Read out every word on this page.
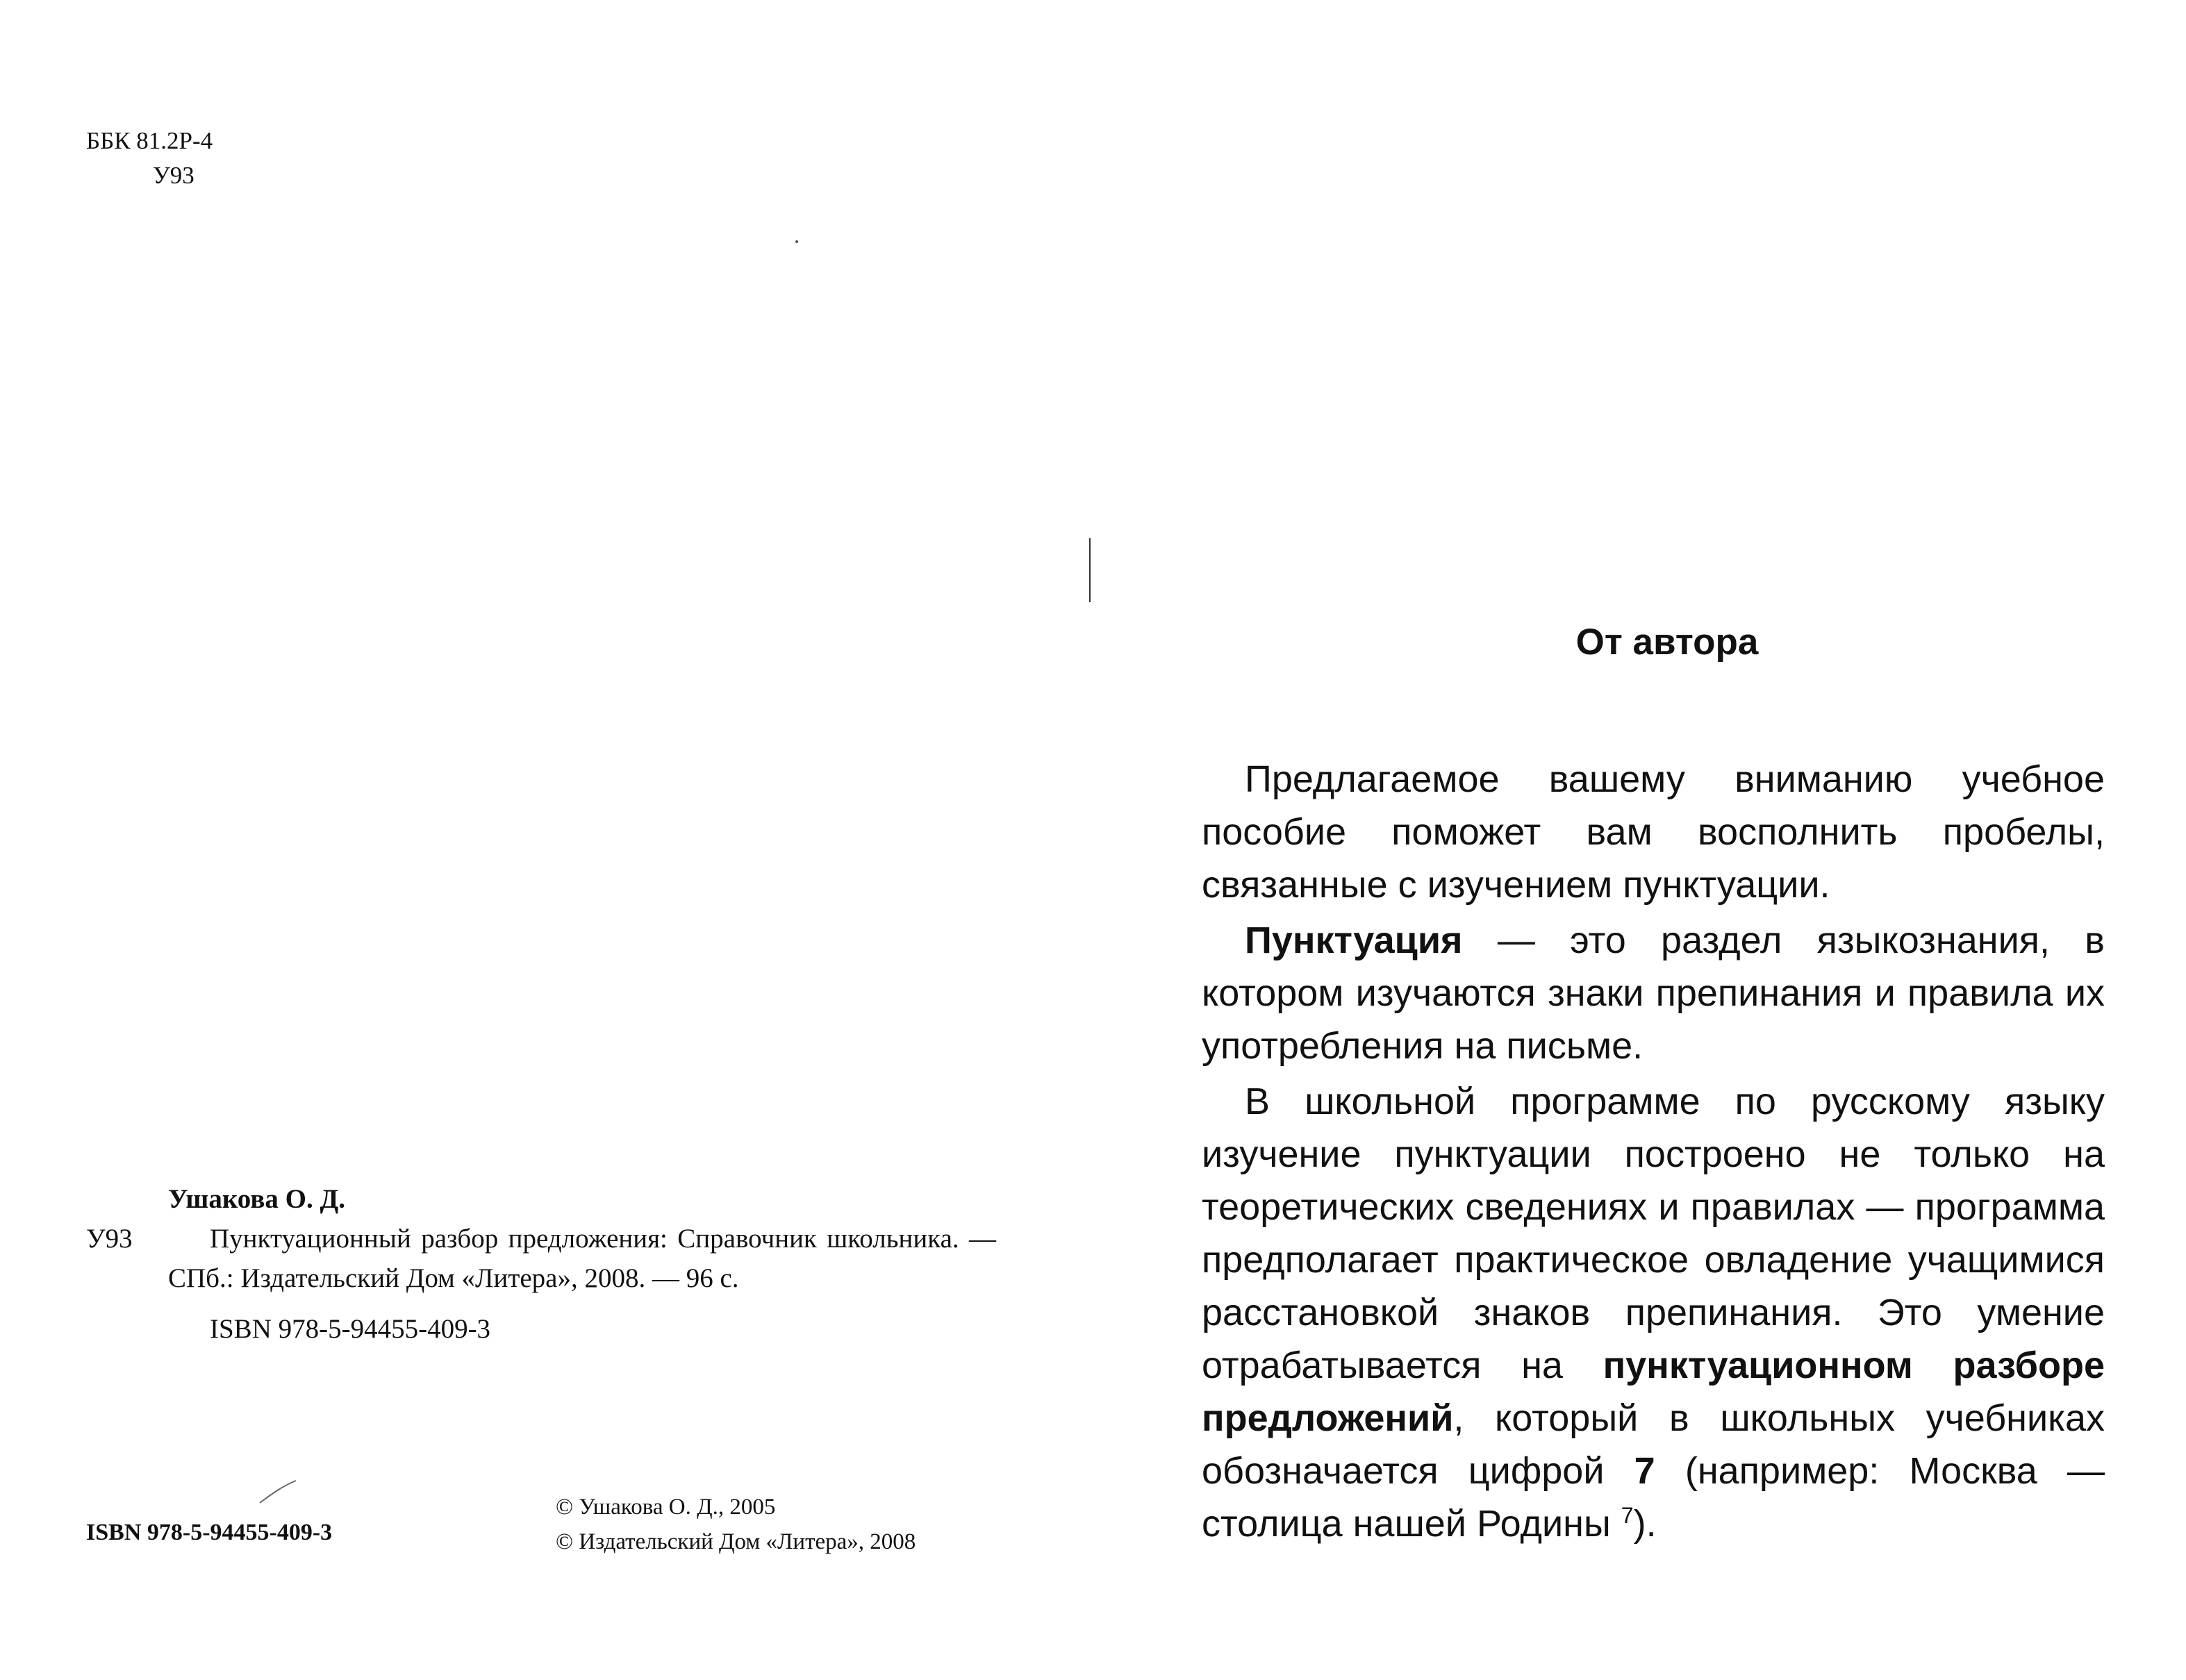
ББК 81.2Р-4
У93
Ушакова О. Д.
У93	Пунктуационный разбор предложения: Справочник школьника. — СПб.: Издательский Дом «Литера», 2008. — 96 с.
ISBN 978-5-94455-409-3
ISBN 978-5-94455-409-3
© Ушакова О. Д., 2005
© Издательский Дом «Литера», 2008
От автора

Предлагаемое вашему вниманию учебное пособие поможет вам восполнить пробелы, связанные с изучением пунктуации.

Пунктуация — это раздел языкознания, в котором изучаются знаки препинания и правила их употребления на письме.

В школьной программе по русскому языку изучение пунктуации построено не только на теоретических сведениях и правилах — программа предполагает практическое овладение учащимися расстановкой знаков препинания. Это умение отрабатывается на пунктуационном разборе предложений, который в школьных учебниках обозначается цифрой 7 (например: Москва — столица нашей Родины $^7$).
